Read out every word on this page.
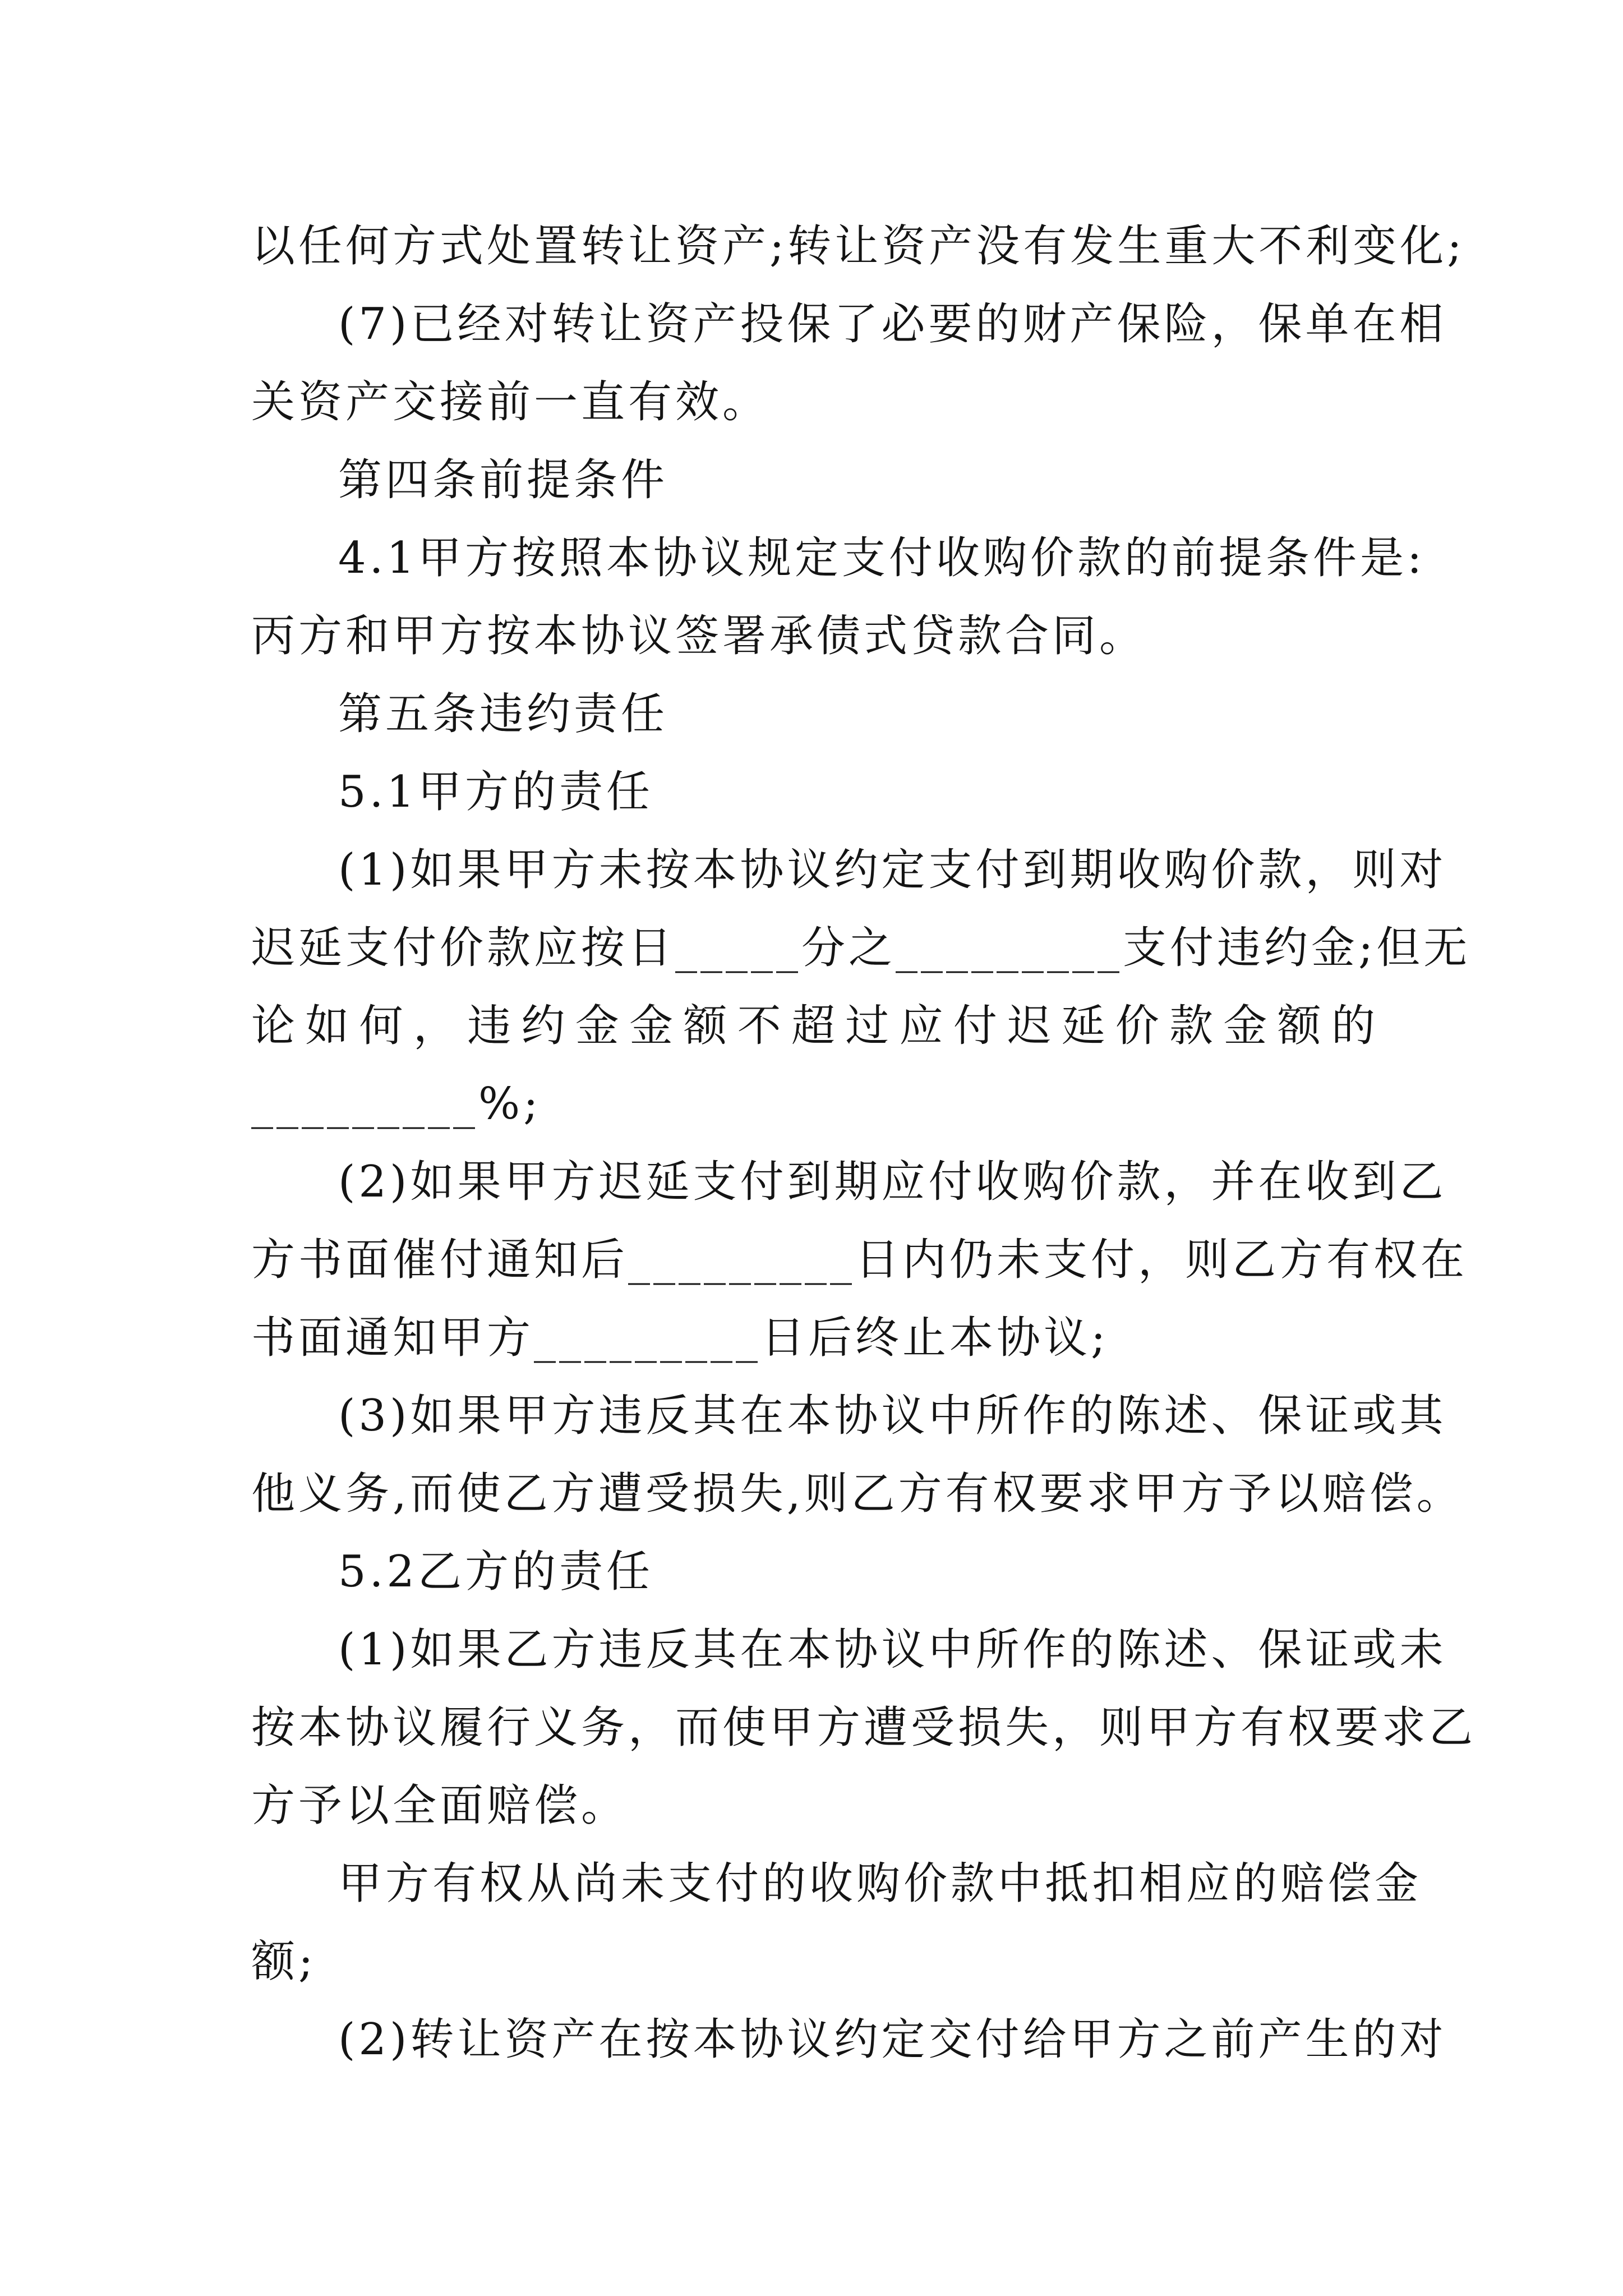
以任何方式处置转让资产;转让资产没有发生重大不利变化;
(7)已经对转让资产投保了必要的财产保险，保单在相
关资产交接前一直有效。
第四条前提条件
4.1甲方按照本协议规定支付收购价款的前提条件是:
丙方和甲方按本协议签署承债式贷款合同。
第五条违约责任
5.1甲方的责任
(1)如果甲方未按本协议约定支付到期收购价款，则对
迟延支付价款应按日_____分之_________支付违约金;但无
论如何，违约金金额不超过应付迟延价款金额的
_________%;
(2)如果甲方迟延支付到期应付收购价款，并在收到乙
方书面催付通知后_________日内仍未支付，则乙方有权在
书面通知甲方_________日后终止本协议;
(3)如果甲方违反其在本协议中所作的陈述、保证或其
他义务,而使乙方遭受损失,则乙方有权要求甲方予以赔偿。
5.2乙方的责任
(1)如果乙方违反其在本协议中所作的陈述、保证或未
按本协议履行义务，而使甲方遭受损失，则甲方有权要求乙
方予以全面赔偿。
甲方有权从尚未支付的收购价款中抵扣相应的赔偿金
额;
(2)转让资产在按本协议约定交付给甲方之前产生的对
